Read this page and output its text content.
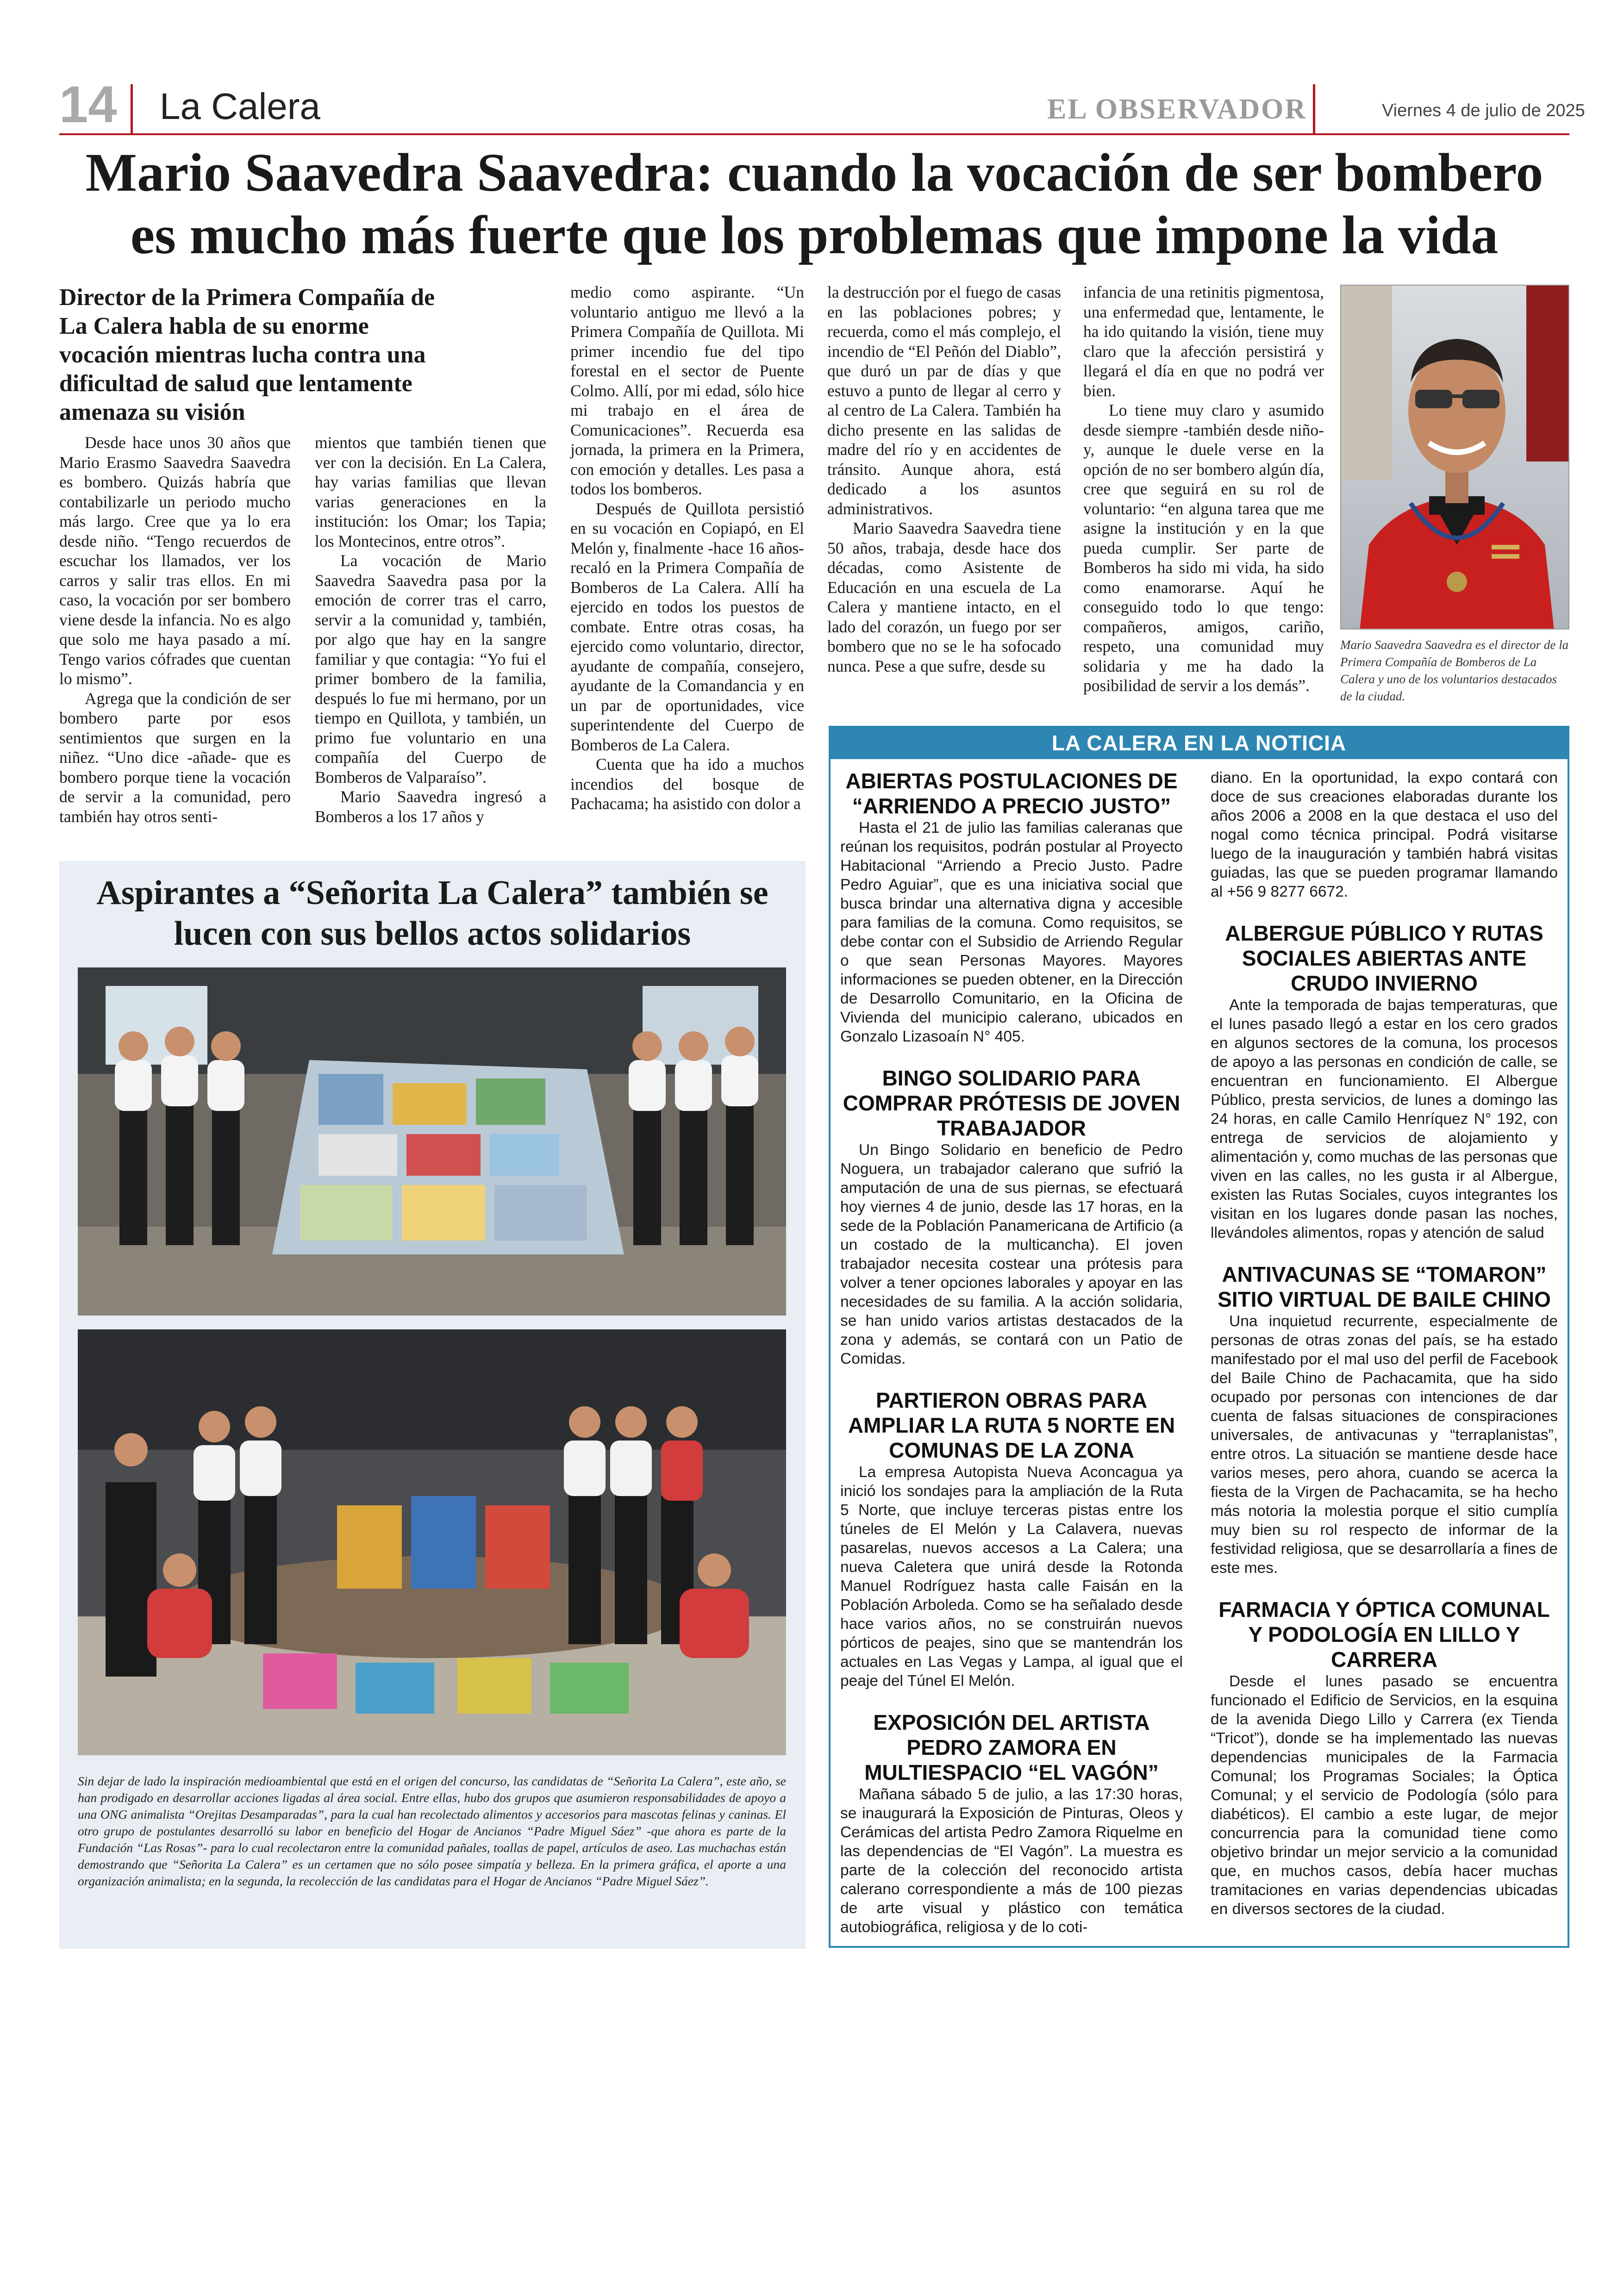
14 La Calera	EL OBSERVADOR	Viernes 4 de julio de 2025
Mario Saavedra Saavedra: cuando la vocación de ser bombero es mucho más fuerte que los problemas que impone la vida
Director de la Primera Compañía de La Calera habla de su enorme vocación mientras lucha contra una dificultad de salud que lentamente amenaza su visión

Desde hace unos 30 años que Mario Erasmo Saavedra Saavedra es bombero. Quizás habría que contabilizarle un periodo mucho más largo. Cree que ya lo era desde niño. “Tengo recuerdos de escuchar los llamados, ver los carros y salir tras ellos. En mi caso, la vocación por ser bombero viene desde la infancia. No es algo que solo me haya pasado a mí. Tengo varios cófrades que cuentan lo mismo”.

Agrega que la condición de ser bombero parte por esos sentimientos que surgen en la niñez. “Uno dice -añade- que es bombero porque tiene la vocación de servir a la comunidad, pero también hay otros senti-

mientos que también tienen que ver con la decisión. En La Calera, hay varias familias que llevan varias generaciones en la institución: los Omar; los Tapia; los Montecinos, entre otros”.

La vocación de Mario Saavedra Saavedra pasa por la emoción de correr tras el carro, servir a la comunidad y, también, por algo que hay en la sangre familiar y que contagia: “Yo fui el primer bombero de la familia, después lo fue mi hermano, por un tiempo en Quillota, y también, un primo fue voluntario en una compañía del Cuerpo de Bomberos de Valparaíso”.

Mario Saavedra ingresó a Bomberos a los 17 años y

medio como aspirante. “Un voluntario antiguo me llevó a la Primera Compañía de Quillota. Mi primer incendio fue del tipo forestal en el sector de Puente Colmo. Allí, por mi edad, sólo hice mi trabajo en el área de Comunicaciones”. Recuerda esa jornada, la primera en la Primera, con emoción y detalles. Les pasa a todos los bomberos.

Después de Quillota persistió en su vocación en Copiapó, en El Melón y, finalmente -hace 16 años- recaló en la Primera Compañía de Bomberos de La Calera. Allí ha ejercido en todos los puestos de combate. Entre otras cosas, ha ejercido como voluntario, director, ayudante de compañía, consejero, ayudante de la Comandancia y en un par de oportunidades, vice superintendente del Cuerpo de Bomberos de La Calera.

Cuenta que ha ido a muchos incendios del bosque de Pachacama; ha asistido con dolor a

la destrucción por el fuego de casas en las poblaciones pobres; y recuerda, como el más complejo, el incendio de “El Peñón del Diablo”, que duró un par de días y que estuvo a punto de llegar al cerro y al centro de La Calera. También ha dicho presente en las salidas de madre del río y en accidentes de tránsito. Aunque ahora, está dedicado a los asuntos administrativos.

Mario Saavedra Saavedra tiene 50 años, trabaja, desde hace dos décadas, como Asistente de Educación en una escuela de La Calera y mantiene intacto, en el lado del corazón, un fuego por ser bombero que no se le ha sofocado nunca. Pese a que sufre, desde su

infancia de una retinitis pigmentosa, una enfermedad que, lentamente, le ha ido quitando la visión, tiene muy claro que la afección persistirá y llegará el día en que no podrá ver bien.

Lo tiene muy claro y asumido desde siempre -también desde niño- y, aunque le duele verse en la opción de no ser bombero algún día, cree que seguirá en su rol de voluntario: “en alguna tarea que me asigne la institución y en la que pueda cumplir. Ser parte de Bomberos ha sido mi vida, ha sido como enamorarse. Aquí he conseguido todo lo que tengo: compañeros, amigos, cariño, respeto, una comunidad muy solidaria y me ha dado la posibilidad de servir a los demás”.

Mario Saavedra Saavedra es el director de la Primera Compañía de Bomberos de La Calera y uno de los voluntarios destacados de la ciudad.
Aspirantes a “Señorita La Calera” también se lucen con sus bellos actos solidarios
Sin dejar de lado la inspiración medioambiental que está en el origen del concurso, las candidatas de “Señorita La Calera”, este año, se han prodigado en desarrollar acciones ligadas al área social. Entre ellas, hubo dos grupos que asumieron responsabilidades de apoyo a una ONG animalista “Orejitas Desamparadas”, para la cual han recolectado alimentos y accesorios para mascotas felinas y caninas. El otro grupo de postulantes desarrolló su labor en beneficio del Hogar de Ancianos “Padre Miguel Sáez” -que ahora es parte de la Fundación “Las Rosas”- para lo cual recolectaron entre la comunidad pañales, toallas de papel, artículos de aseo. Las muchachas están demostrando que “Señorita La Calera” es un certamen que no sólo posee simpatía y belleza. En la primera gráfica, el aporte a una organización animalista; en la segunda, la recolección de las candidatas para el Hogar de Ancianos “Padre Miguel Sáez”.
LA CALERA EN LA NOTICIA
ABIERTAS POSTULACIONES DE “ARRIENDO A PRECIO JUSTO”

Hasta el 21 de julio las familias caleranas que reúnan los requisitos, podrán postular al Proyecto Habitacional “Arriendo a Precio Justo. Padre Pedro Aguiar”, que es una iniciativa social que busca brindar una alternativa digna y accesible para familias de la comuna. Como requisitos, se debe contar con el Subsidio de Arriendo Regular o que sean Personas Mayores. Mayores informaciones se pueden obtener, en la Dirección de Desarrollo Comunitario, en la Oficina de Vivienda del municipio calerano, ubicados en Gonzalo Lizasoaín N° 405.

BINGO SOLIDARIO PARA COMPRAR PRÓTESIS DE JOVEN TRABAJADOR

Un Bingo Solidario en beneficio de Pedro Noguera, un trabajador calerano que sufrió la amputación de una de sus piernas, se efectuará hoy viernes 4 de junio, desde las 17 horas, en la sede de la Población Panamericana de Artificio (a un costado de la multicancha). El joven trabajador necesita costear una prótesis para volver a tener opciones laborales y apoyar en las necesidades de su familia. A la acción solidaria, se han unido varios artistas destacados de la zona y además, se contará con un Patio de Comidas.

PARTIERON OBRAS PARA AMPLIAR LA RUTA 5 NORTE EN COMUNAS DE LA ZONA

La empresa Autopista Nueva Aconcagua ya inició los sondajes para la ampliación de la Ruta 5 Norte, que incluye terceras pistas entre los túneles de El Melón y La Calavera, nuevas pasarelas, nuevos accesos a La Calera; una nueva Caletera que unirá desde la Rotonda Manuel Rodríguez hasta calle Faisán en la Población Arboleda. Como se ha señalado desde hace varios años, no se construirán nuevos pórticos de peajes, sino que se mantendrán los actuales en Las Vegas y Lampa, al igual que el peaje del Túnel El Melón.

EXPOSICIÓN DEL ARTISTA PEDRO ZAMORA EN MULTIESPACIO “EL VAGÓN”

Mañana sábado 5 de julio, a las 17:30 horas, se inaugurará la Exposición de Pinturas, Oleos y Cerámicas del artista Pedro Zamora Riquelme en las dependencias de “El Vagón”. La muestra es parte de la colección del reconocido artista calerano correspondiente a más de 100 piezas de arte visual y plástico con temática autobiográfica, religiosa y de lo coti-

diano. En la oportunidad, la expo contará con doce de sus creaciones elaboradas durante los años 2006 a 2008 en la que destaca el uso del nogal como técnica principal. Podrá visitarse luego de la inauguración y también habrá visitas guiadas, las que se pueden programar llamando al +56 9 8277 6672.

ALBERGUE PÚBLICO Y RUTAS SOCIALES ABIERTAS ANTE CRUDO INVIERNO

Ante la temporada de bajas temperaturas, que el lunes pasado llegó a estar en los cero grados en algunos sectores de la comuna, los procesos de apoyo a las personas en condición de calle, se encuentran en funcionamiento. El Albergue Público, presta servicios, de lunes a domingo las 24 horas, en calle Camilo Henríquez N° 192, con entrega de servicios de alojamiento y alimentación y, como muchas de las personas que viven en las calles, no les gusta ir al Albergue, existen las Rutas Sociales, cuyos integrantes los visitan en los lugares donde pasan las noches, llevándoles alimentos, ropas y atención de salud

ANTIVACUNAS SE “TOMARON” SITIO VIRTUAL DE BAILE CHINO

Una inquietud recurrente, especialmente de personas de otras zonas del país, se ha estado manifestado por el mal uso del perfil de Facebook del Baile Chino de Pachacamita, que ha sido ocupado por personas con intenciones de dar cuenta de falsas situaciones de conspiraciones universales, de antivacunas y “terraplanistas”, entre otros. La situación se mantiene desde hace varios meses, pero ahora, cuando se acerca la fiesta de la Virgen de Pachacamita, se ha hecho más notoria la molestia porque el sitio cumplía muy bien su rol respecto de informar de la festividad religiosa, que se desarrollaría a fines de este mes.

FARMACIA Y ÓPTICA COMUNAL Y PODOLOGÍA EN LILLO Y CARRERA

Desde el lunes pasado se encuentra funcionado el Edificio de Servicios, en la esquina de la avenida Diego Lillo y Carrera (ex Tienda “Tricot”), donde se ha implementado las nuevas dependencias municipales de la Farmacia Comunal; los Programas Sociales; la Óptica Comunal; y el servicio de Podología (sólo para diabéticos). El cambio a este lugar, de mejor concurrencia para la comunidad tiene como objetivo brindar un mejor servicio a la comunidad que, en muchos casos, debía hacer muchas tramitaciones en varias dependencias ubicadas en diversos sectores de la ciudad.
